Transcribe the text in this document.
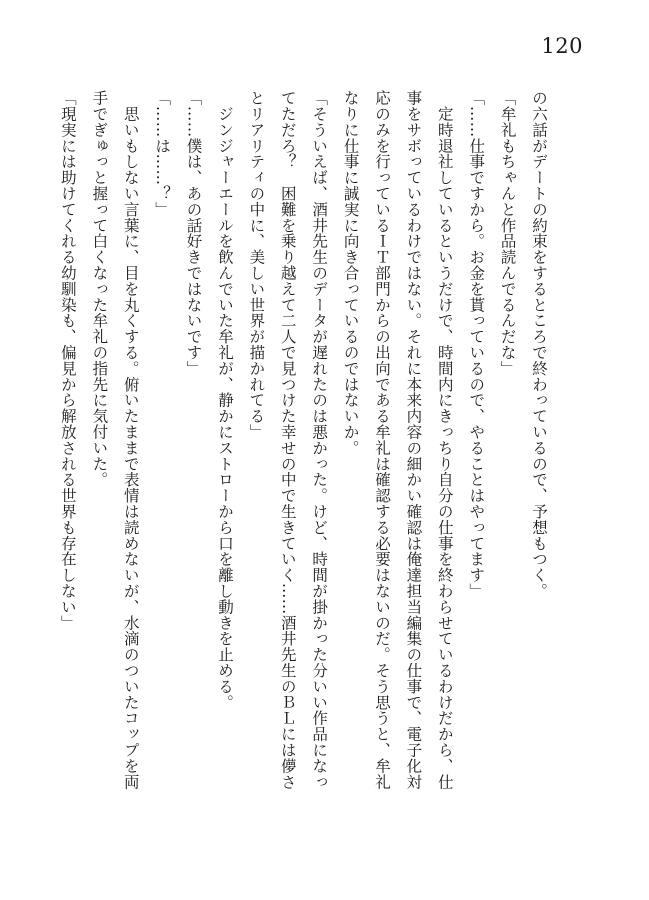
120
の六話がデートの約束をするところで終わっているので、予想もつく。
「牟礼もちゃんと作品読んでるんだな」
「……仕事ですから。お金を貰っているので、やることはやってます」
　定時退社しているというだけで、時間内にきっちり自分の仕事を終わらせているわけだから、仕
事をサボっているわけではない。それに本来内容の細かい確認は俺達担当編集の仕事で、電子化対
応のみを行っているＩＴ部門からの出向である牟礼は確認する必要はないのだ。そう思うと、牟礼
なりに仕事に誠実に向き合っているのではないか。
「そういえば、酒井先生のデータが遅れたのは悪かった。けど、時間が掛かった分いい作品になっ
てただろ？　困難を乗り越えて二人で見つけた幸せの中で生きていく……酒井先生のＢＬには儚さ
とリアリティの中に、美しい世界が描かれてる」
　ジンジャーエールを飲んでいた牟礼が、静かにストローから口を離し動きを止める。
「……僕は、あの話好きではないです」
「……は……？」
　思いもしない言葉に、目を丸くする。俯いたままで表情は読めないが、水滴のついたコップを両
手でぎゅっと握って白くなった牟礼の指先に気付いた。
「現実には助けてくれる幼馴染も、偏見から解放される世界も存在しない」
